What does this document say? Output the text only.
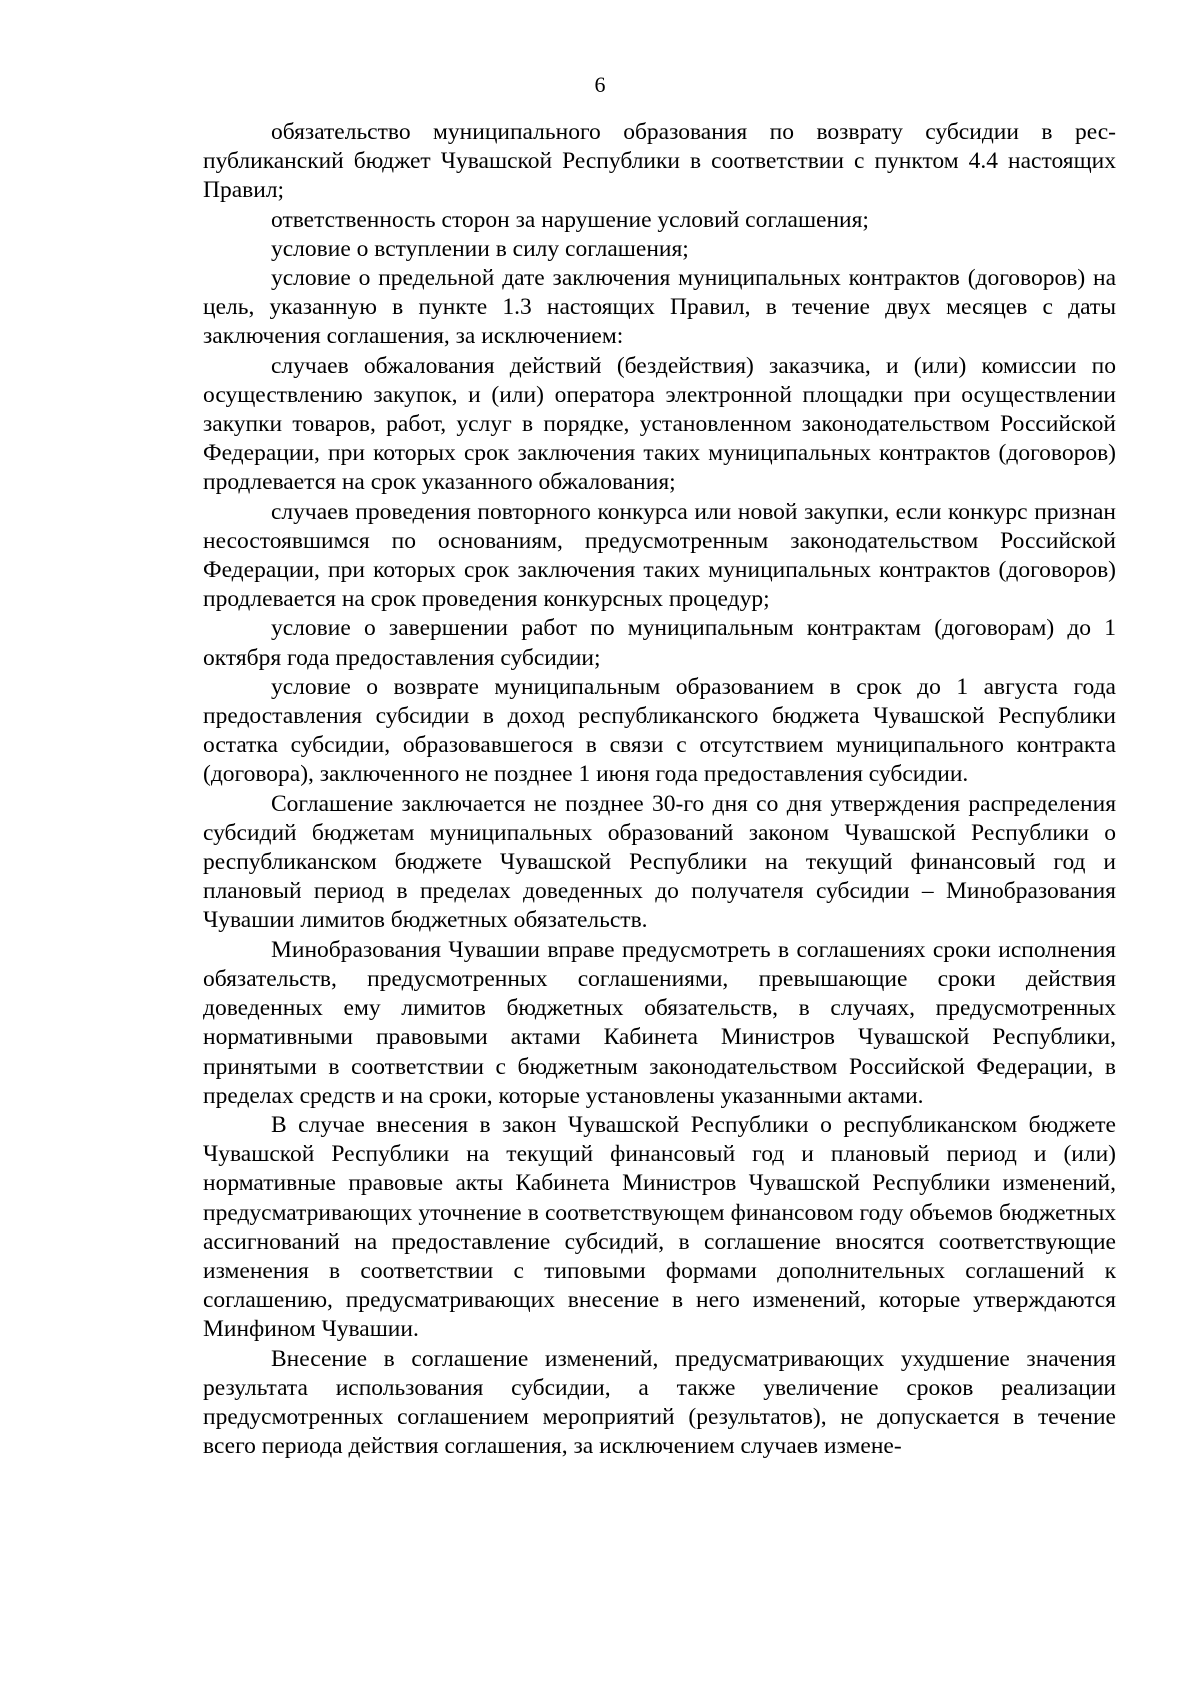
6

обязательство муниципального образования по возврату субсидии в республиканский бюджет Чувашской Республики в соответствии с пунктом 4.4 настоящих Правил;

ответственность сторон за нарушение условий соглашения;

условие о вступлении в силу соглашения;

условие о предельной дате заключения муниципальных контрактов (договоров) на цель, указанную в пункте 1.3 настоящих Правил, в течение двух месяцев с даты заключения соглашения, за исключением:

случаев обжалования действий (бездействия) заказчика, и (или) комиссии по осуществлению закупок, и (или) оператора электронной площадки при осуществлении закупки товаров, работ, услуг в порядке, установленном законодательством Российской Федерации, при которых срок заключения таких муниципальных контрактов (договоров) продлевается на срок указанного обжалования;

случаев проведения повторного конкурса или новой закупки, если конкурс признан несостоявшимся по основаниям, предусмотренным законодательством Российской Федерации, при которых срок заключения таких муниципальных контрактов (договоров) продлевается на срок проведения конкурсных процедур;

условие о завершении работ по муниципальным контрактам (договорам) до 1 октября года предоставления субсидии;

условие о возврате муниципальным образованием в срок до 1 августа года предоставления субсидии в доход республиканского бюджета Чувашской Республики остатка субсидии, образовавшегося в связи с отсутствием муниципального контракта (договора), заключенного не позднее 1 июня года предоставления субсидии.

Соглашение заключается не позднее 30-го дня со дня утверждения распределения субсидий бюджетам муниципальных образований законом Чувашской Республики о республиканском бюджете Чувашской Республики на текущий финансовый год и плановый период в пределах доведенных до получателя субсидии – Минобразования Чувашии лимитов бюджетных обязательств.

Минобразования Чувашии вправе предусмотреть в соглашениях сроки исполнения обязательств, предусмотренных соглашениями, превышающие сроки действия доведенных ему лимитов бюджетных обязательств, в случаях, предусмотренных нормативными правовыми актами Кабинета Министров Чувашской Республики, принятыми в соответствии с бюджетным законодательством Российской Федерации, в пределах средств и на сроки, которые установлены указанными актами.

В случае внесения в закон Чувашской Республики о республиканском бюджете Чувашской Республики на текущий финансовый год и плановый период и (или) нормативные правовые акты Кабинета Министров Чувашской Республики изменений, предусматривающих уточнение в соответствующем финансовом году объемов бюджетных ассигнований на предоставление субсидий, в соглашение вносятся соответствующие изменения в соответствии с типовыми формами дополнительных соглашений к соглашению, предусматривающих внесение в него изменений, которые утверждаются Минфином Чувашии.

Внесение в соглашение изменений, предусматривающих ухудшение значения результата использования субсидии, а также увеличение сроков реализации предусмотренных соглашением мероприятий (результатов), не допускается в течение всего периода действия соглашения, за исключением случаев измене-
